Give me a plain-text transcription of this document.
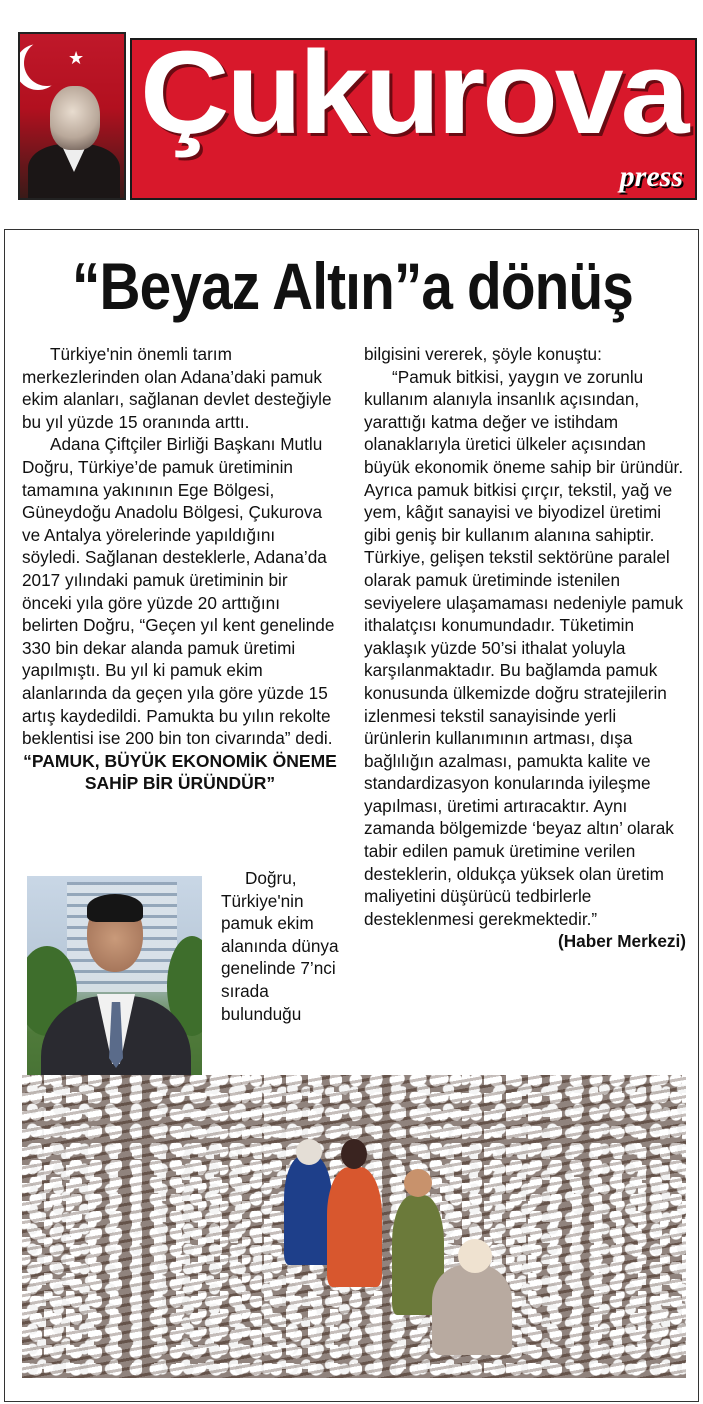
★ Çukurova
press
“Beyaz Altın”a dönüş

Türkiye'nin önemli tarım merkezlerinden olan Adana’daki pamuk ekim alanları, sağlanan devlet desteğiyle bu yıl yüzde 15 oranında arttı.

Adana Çiftçiler Birliği Başkanı Mutlu Doğru, Türkiye’de pamuk üretiminin tamamına yakınının Ege Bölgesi, Güneydoğu Anadolu Bölgesi, Çukurova ve Antalya yörelerinde yapıldığını söyledi. Sağlanan desteklerle, Adana’da 2017 yılındaki pamuk üretiminin bir önceki yıla göre yüzde 20 arttığını belirten Doğru, “Geçen yıl kent genelinde 330 bin dekar alanda pamuk üretimi yapılmıştı. Bu yıl ki pamuk ekim alanlarında da geçen yıla göre yüzde 15 artış kaydedildi. Pamukta bu yılın rekolte beklentisi ise 200 bin ton civarında” dedi.

“PAMUK, BÜYÜK EKONOMİK ÖNEME SAHİP BİR ÜRÜNDÜR”

Doğru, Türkiye'nin pamuk ekim alanında dünya genelinde 7’nci sırada bulunduğu

bilgisini vererek, şöyle konuştu:

“Pamuk bitkisi, yaygın ve zorunlu kullanım alanıyla insanlık açısından, yarattığı katma değer ve istihdam olanaklarıyla üretici ülkeler açısından büyük ekonomik öneme sahip bir üründür. Ayrıca pamuk bitkisi çırçır, tekstil, yağ ve yem, kâğıt sanayisi ve biyodizel üretimi gibi geniş bir kullanım alanına sahiptir. Türkiye, gelişen tekstil sektörüne paralel olarak pamuk üretiminde istenilen seviyelere ulaşamaması nedeniyle pamuk ithalatçısı konumundadır. Tüketimin yaklaşık yüzde 50’si ithalat yoluyla karşılanmaktadır. Bu bağlamda pamuk konusunda ülkemizde doğru stratejilerin izlenmesi tekstil sanayisinde yerli ürünlerin kullanımının artması, dışa bağlılığın azalması, pamukta kalite ve standardizasyon konularında iyileşme yapılması, üretimi artıracaktır. Aynı zamanda bölgemizde ‘beyaz altın’ olarak tabir edilen pamuk üretimine verilen desteklerin, oldukça yüksek olan üretim maliyetini düşürücü tedbirlerle desteklenmesi gerekmektedir.”

(Haber Merkezi)
